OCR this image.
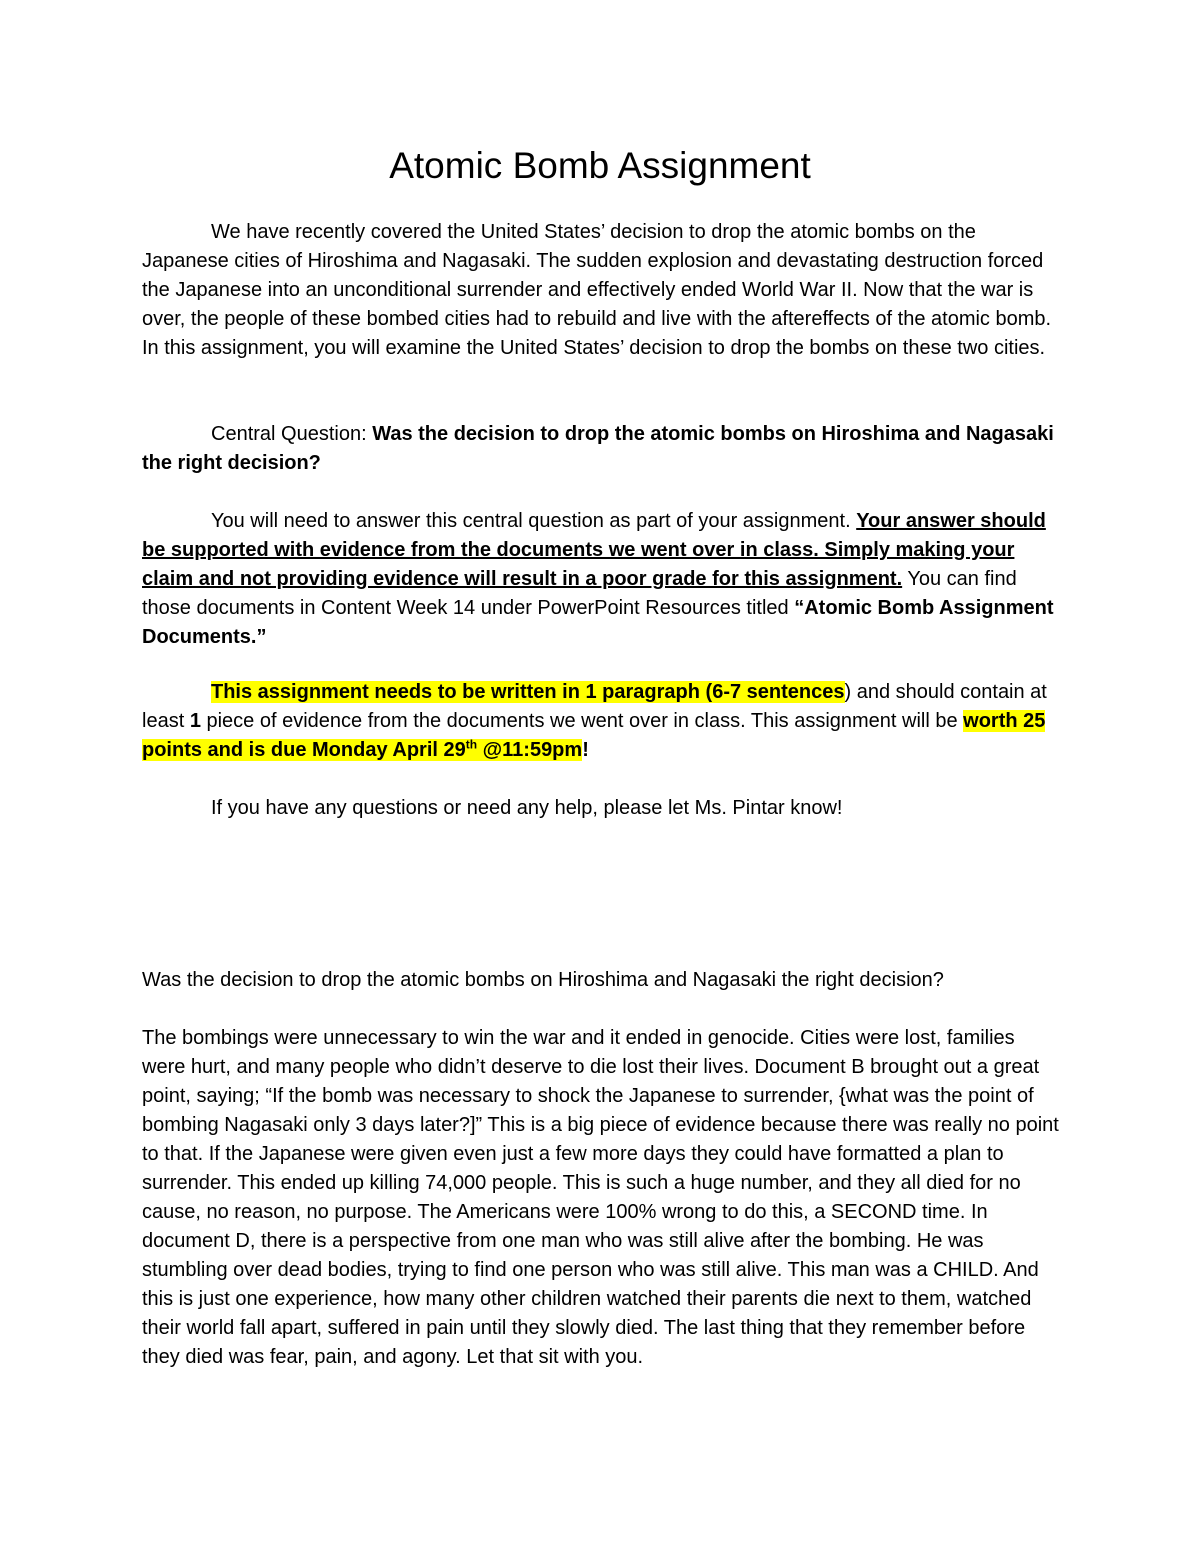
Atomic Bomb Assignment

We have recently covered the United States’ decision to drop the atomic bombs on the Japanese cities of Hiroshima and Nagasaki. The sudden explosion and devastating destruction forced the Japanese into an unconditional surrender and effectively ended World War II. Now that the war is over, the people of these bombed cities had to rebuild and live with the aftereffects of the atomic bomb. In this assignment, you will examine the United States’ decision to drop the bombs on these two cities.

Central Question: Was the decision to drop the atomic bombs on Hiroshima and Nagasaki the right decision?

You will need to answer this central question as part of your assignment. Your answer should be supported with evidence from the documents we went over in class. Simply making your claim and not providing evidence will result in a poor grade for this assignment. You can find those documents in Content Week 14 under PowerPoint Resources titled “Atomic Bomb Assignment Documents.”

This assignment needs to be written in 1 paragraph (6-7 sentences) and should contain at least 1 piece of evidence from the documents we went over in class. This assignment will be worth 25 points and is due Monday April 29th @11:59pm!

If you have any questions or need any help, please let Ms. Pintar know!

Was the decision to drop the atomic bombs on Hiroshima and Nagasaki the right decision?

The bombings were unnecessary to win the war and it ended in genocide. Cities were lost, families were hurt, and many people who didn’t deserve to die lost their lives. Document B brought out a great point, saying; “If the bomb was necessary to shock the Japanese to surrender, {what was the point of bombing Nagasaki only 3 days later?]” This is a big piece of evidence because there was really no point to that. If the Japanese were given even just a few more days they could have formatted a plan to surrender. This ended up killing 74,000 people. This is such a huge number, and they all died for no cause, no reason, no purpose. The Americans were 100% wrong to do this, a SECOND time. In document D, there is a perspective from one man who was still alive after the bombing. He was stumbling over dead bodies, trying to find one person who was still alive. This man was a CHILD. And this is just one experience, how many other children watched their parents die next to them, watched their world fall apart, suffered in pain until they slowly died. The last thing that they remember before they died was fear, pain, and agony. Let that sit with you.
